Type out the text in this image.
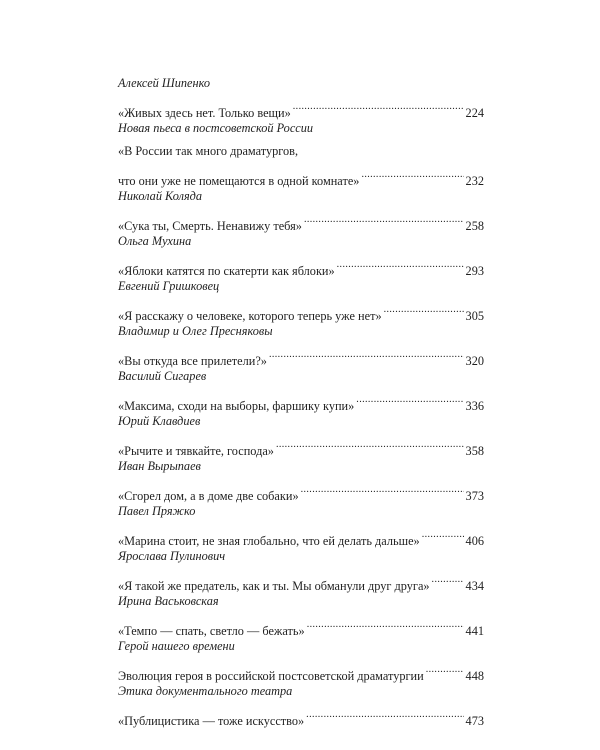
Алексей Шипенко
«Живых здесь нет. Только вещи» .....	224
Новая пьеса в постсоветской России
«В России так много драматургов,
что они уже не помещаются в одной комнате» .....	232
Николай Коляда
«Сука ты, Смерть. Ненавижу тебя» .....	258
Ольга Мухина
«Яблоки катятся по скатерти как яблоки» .....	293
Евгений Гришковец
«Я расскажу о человеке, которого теперь уже нет» .....	305
Владимир и Олег Пресняковы
«Вы откуда все прилетели?» .....	320
Василий Сигарев
«Максима, сходи на выборы, фаршику купи» .....	336
Юрий Клавдиев
«Рычите и тявкайте, господа» .....	358
Иван Вырыпаев
«Сгорел дом, а в доме две собаки» .....	373
Павел Пряжко
«Марина стоит, не зная глобально, что ей делать дальше» .....	406
Ярослава Пулинович
«Я такой же предатель, как и ты. Мы обманули друг друга» .....	434
Ирина Васьковская
«Темпо — спать, светло — бежать» .....	441
Герой нашего времени
Эволюция героя в российской постсоветской драматургии .....	448
Этика документального театра
«Публицистика — тоже искусство» .....	473
